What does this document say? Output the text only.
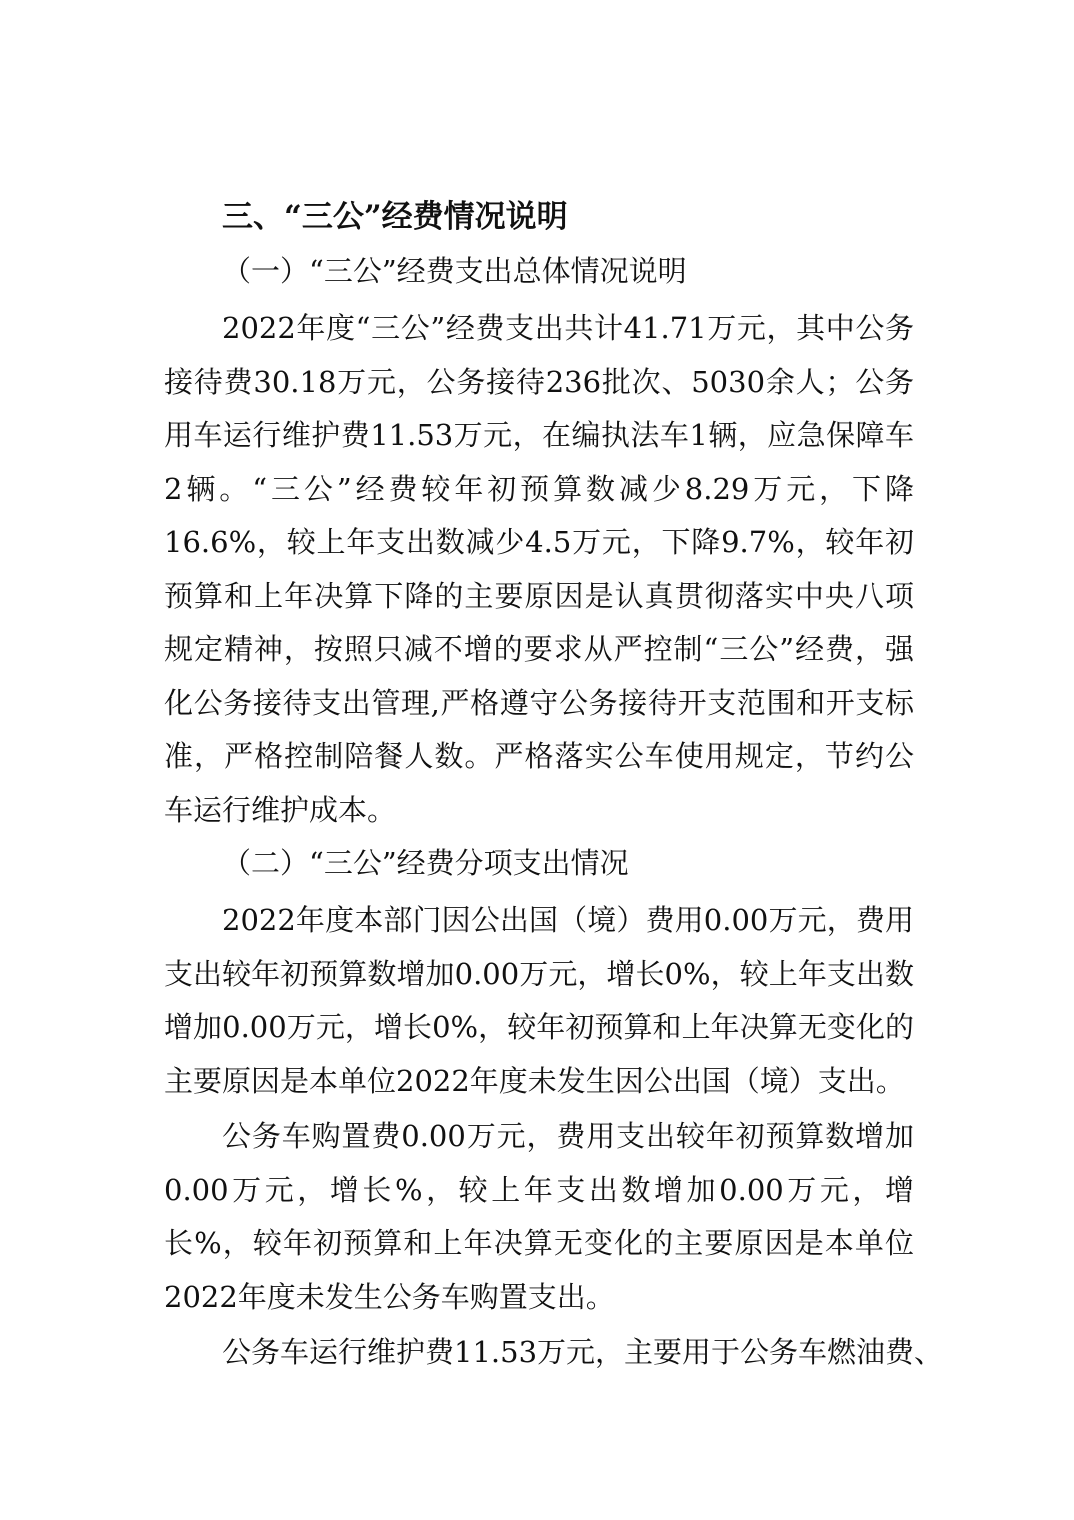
三、“三公”经费情况说明
（一）“三公”经费支出总体情况说明

2022年度“三公”经费支出共计41.71万元，其中公务接待费30.18万元，公务接待236批次、5030余人；公务用车运行维护费11.53万元，在编执法车1辆，应急保障车2辆。“三公”经费较年初预算数减少8.29万元，下降16.6%，较上年支出数减少4.5万元，下降9.7%，较年初预算和上年决算下降的主要原因是认真贯彻落实中央八项规定精神，按照只减不增的要求从严控制“三公”经费，强化公务接待支出管理,严格遵守公务接待开支范围和开支标准，严格控制陪餐人数。严格落实公车使用规定，节约公车运行维护成本。

（二）“三公”经费分项支出情况

2022年度本部门因公出国（境）费用0.00万元，费用支出较年初预算数增加0.00万元，增长0%，较上年支出数增加0.00万元，增长0%，较年初预算和上年决算无变化的主要原因是本单位2022年度未发生因公出国（境）支出。

公务车购置费0.00万元，费用支出较年初预算数增加0.00万元，增长%，较上年支出数增加0.00万元，增长%，较年初预算和上年决算无变化的主要原因是本单位2022年度未发生公务车购置支出。

公务车运行维护费11.53万元，主要用于公务车燃油费、
